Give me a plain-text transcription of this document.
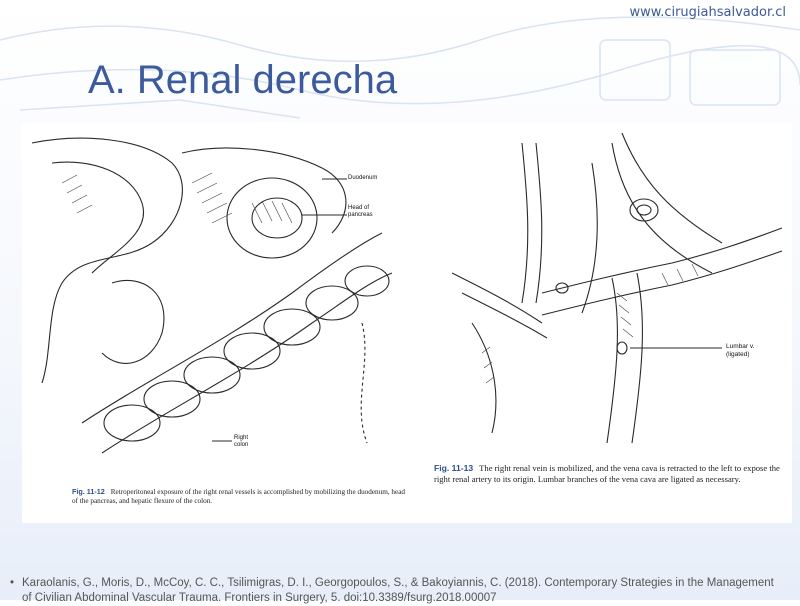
www.cirugiahsalvador.cl
A. Renal derecha
Duodenum
Head of
pancreas
Right
colon
Fig. 11-12 Retroperitoneal exposure of the right renal vessels is accomplished by mobilizing the duodenum, head of the pancreas, and hepatic flexure of the colon.
Lumbar v.
(ligated)
Fig. 11-13 The right renal vein is mobilized, and the vena cava is retracted to the left to expose the right renal artery to its origin. Lumbar branches of the vena cava are ligated as necessary.

• Karaolanis, G., Moris, D., McCoy, C. C., Tsilimigras, D. I., Georgopoulos, S., & Bakoyiannis, C. (2018). Contemporary Strategies in the Management of Civilian Abdominal Vascular Trauma. Frontiers in Surgery, 5. doi:10.3389/fsurg.2018.00007
